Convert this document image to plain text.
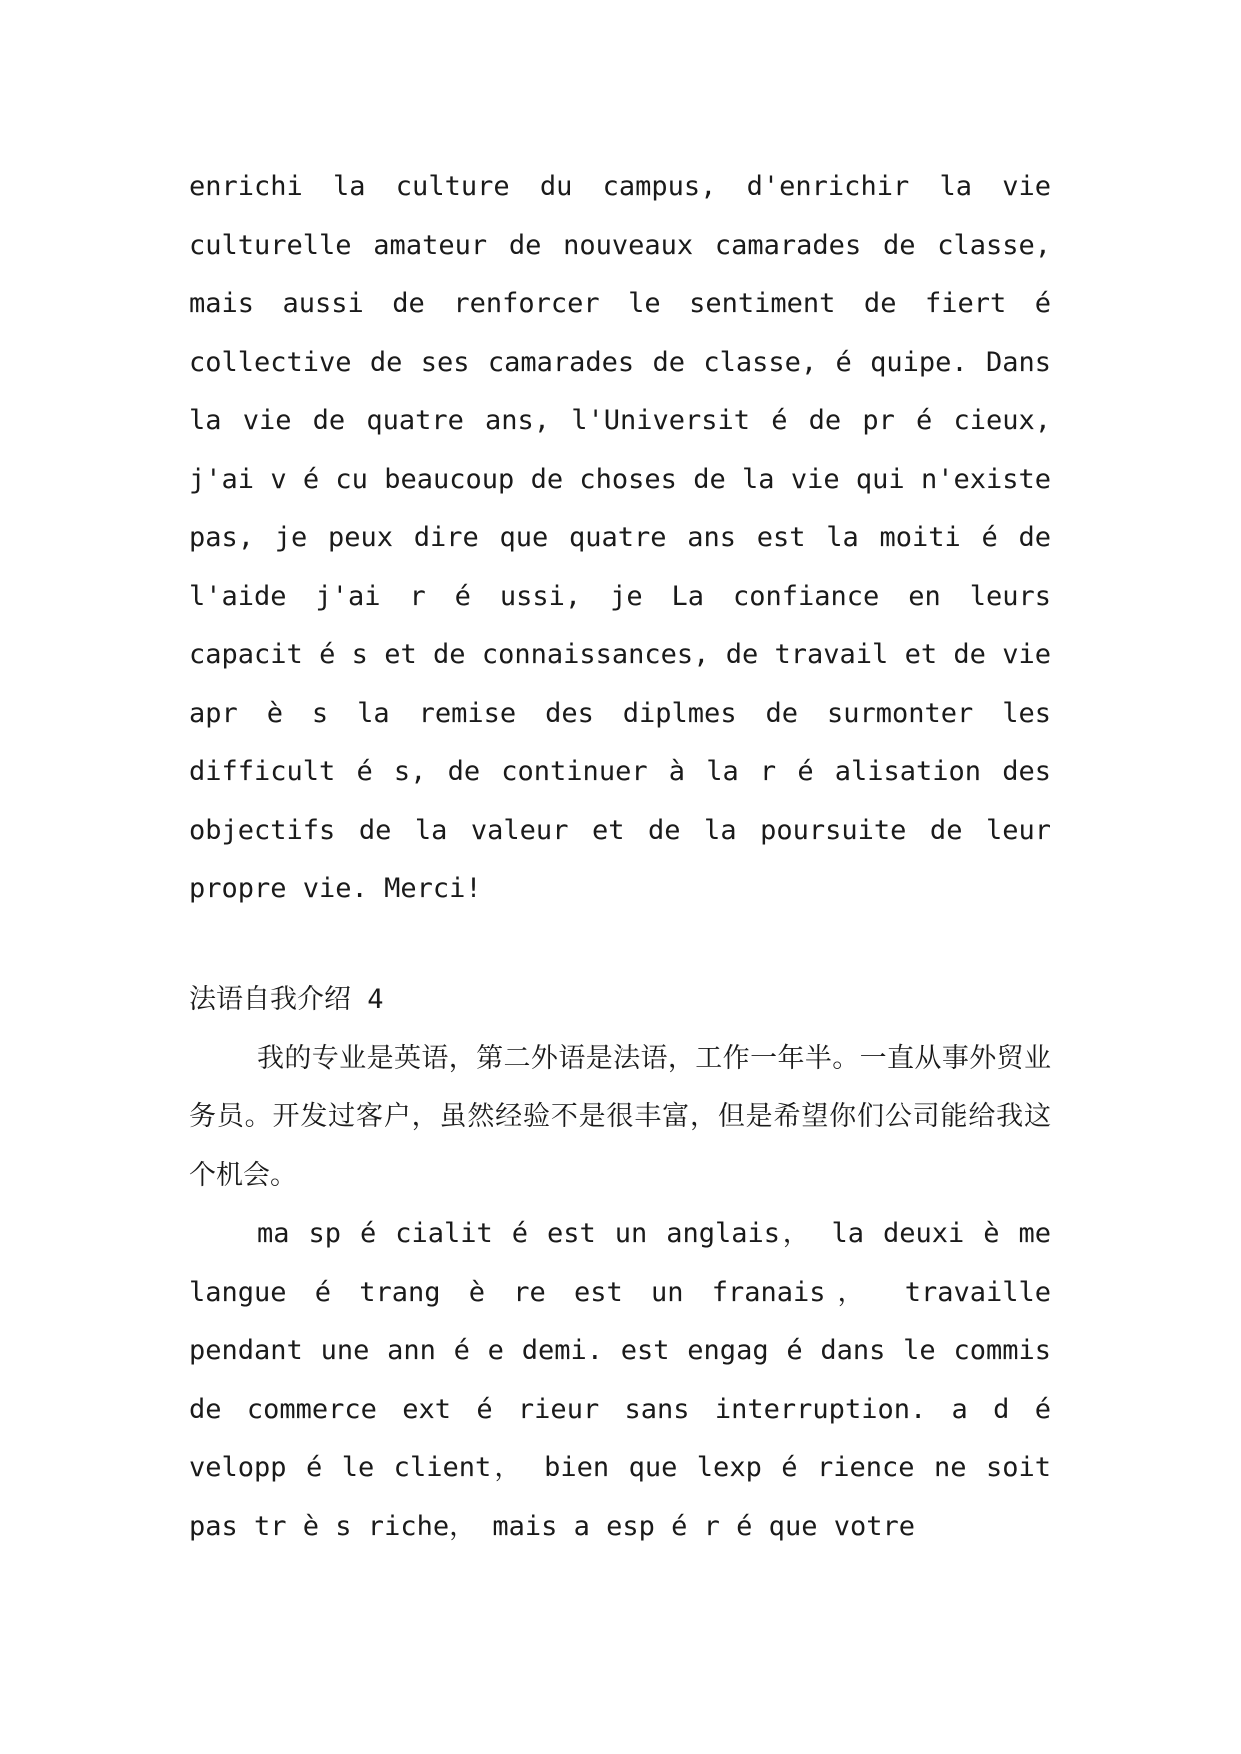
enrichi la culture du campus, d'enrichir la vie culturelle amateur de nouveaux camarades de classe, mais aussi de renforcer le sentiment de fiert é collective de ses camarades de classe, é quipe. Dans la vie de quatre ans, l'Universit é de pr é cieux, j'ai v é cu beaucoup de choses de la vie qui n'existe pas, je peux dire que quatre ans est la moiti é de l'aide j'ai r é ussi, je La confiance en leurs capacit é s et de connaissances, de travail et de vie apr è s la remise des diplmes de surmonter les difficult é s, de continuer à la r é alisation des objectifs de la valeur et de la poursuite de leur propre vie. Merci!

法语自我介绍 4

我的专业是英语，第二外语是法语，工作一年半。一直从事外贸业务员。开发过客户，虽然经验不是很丰富，但是希望你们公司能给我这个机会。

ma sp é cialit é est un anglais， la deuxi è me langue é trang è re est un franais， travaille pendant une ann é e demi. est engag é dans le commis de commerce ext é rieur sans interruption. a d é velopp é le client， bien que lexp é rience ne soit pas tr è s riche， mais a esp é r é que votre
